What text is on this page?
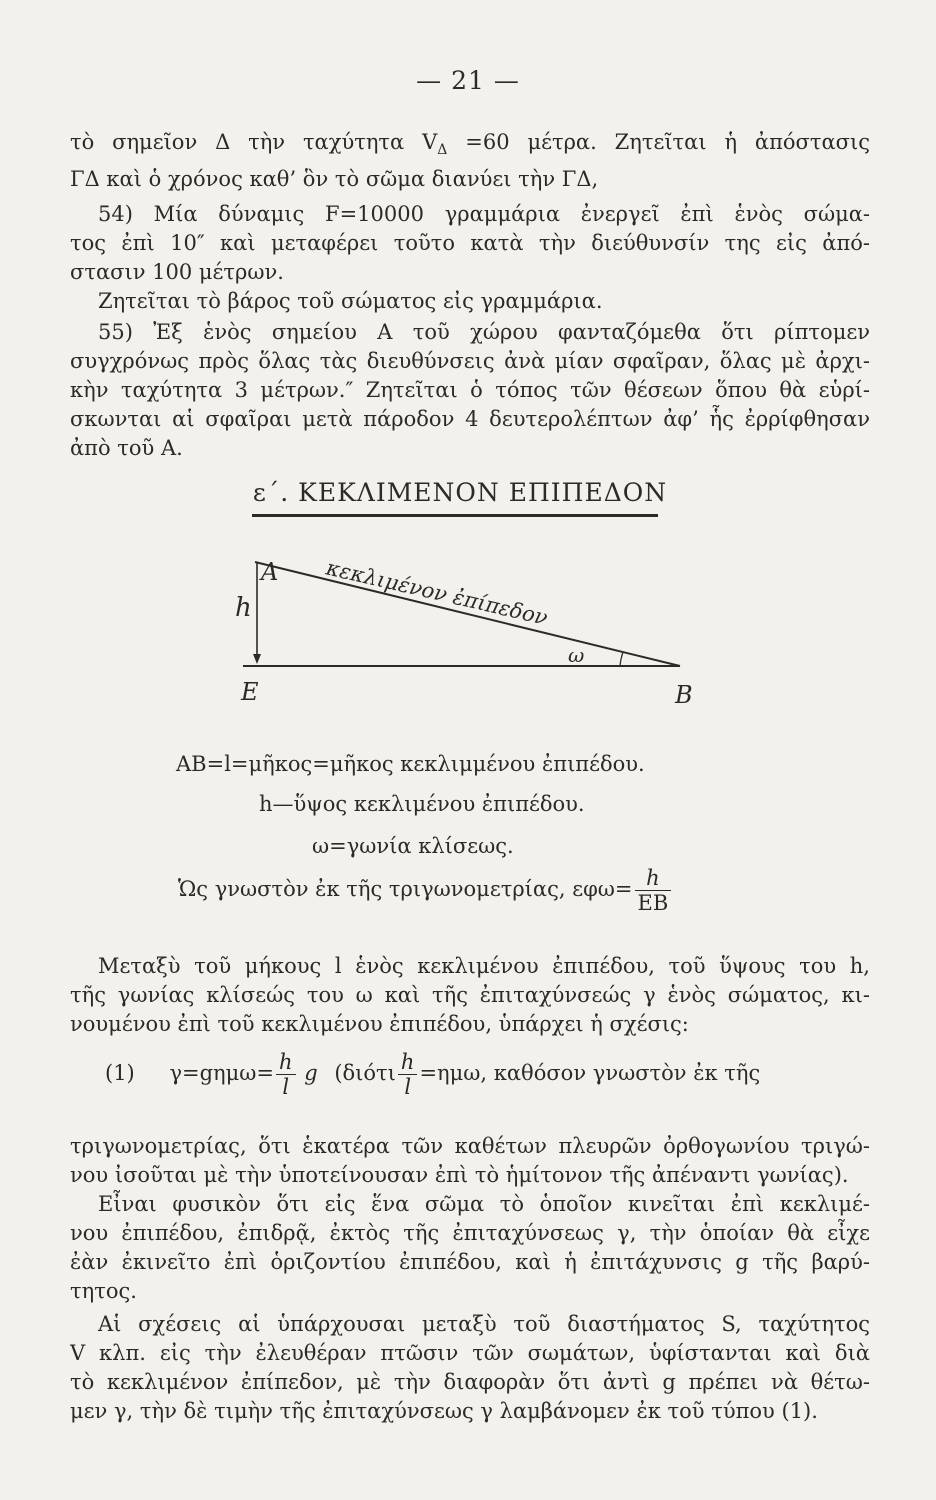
— 21 —
τὸ σημεῖον Δ τὴν ταχύτητα $V_\Delta =60$ μέτρα. Ζητεῖται ἡ ἀπόστασις
ΓΔ καὶ ὁ χρόνος καθ’ ὃν τὸ σῶμα διανύει τὴν ΓΔ,
54) Μία δύναμις F=10000 γραμμάρια ἐνεργεῖ ἐπὶ ἑνὸς σώμα-
τος ἐπὶ 10″ καὶ μεταφέρει τοῦτο κατὰ τὴν διεύθυνσίν της εἰς ἀπό-
στασιν 100 μέτρων.
Ζητεῖται τὸ βάρος τοῦ σώματος εἰς γραμμάρια.
55) Ἐξ ἑνὸς σημείου Α τοῦ χώρου φανταζόμεθα ὅτι ρίπτομεν
συγχρόνως πρὸς ὅλας τὰς διευθύνσεις ἀνὰ μίαν σφαῖραν, ὅλας μὲ ἀρχι-
κὴν ταχύτητα 3 μέτρων.″ Ζητεῖται ὁ τόπος τῶν θέσεων ὅπου θὰ εὑρί-
σκωνται αἱ σφαῖραι μετὰ πάροδον 4 δευτερολέπτων ἀφ’ ἧς ἐρρίφθησαν
ἀπὸ τοῦ Α.
ε΄. ΚΕΚΛΙΜΕΝΟΝ ΕΠΙΠΕΔΟΝ
A
h
E	B
ω
κεκλιμένον ἐπίπεδον
AB=l=μῆκος=μῆκος κεκλιμμένου ἐπιπέδου.
h—ὕψος κεκλιμένου ἐπιπέδου.
ω=γωνία κλίσεως.
Ὡς γνωστὸν ἐκ τῆς τριγωνομετρίας, $\varepsilon\varphi\omega= \frac{h}{EB}$
Μεταξὺ τοῦ μήκους l ἑνὸς κεκλιμένου ἐπιπέδου, τοῦ ὕψους του h,
τῆς γωνίας κλίσεώς του ω καὶ τῆς ἐπιταχύνσεώς γ ἑνὸς σώματος, κι-
νουμένου ἐπὶ τοῦ κεκλιμένου ἐπιπέδου, ὑπάρχει ἡ σχέσις:
(1) $\gamma=g\eta\mu\omega= \frac{h}{l}$ g ($\delta\iota ό\tau\iota \frac{h}{l} =\eta\mu\omega$, καθόσον γνωστὸν ἐκ τῆς
τριγωνομετρίας, ὅτι ἑκατέρα τῶν καθέτων πλευρῶν ὀρθογωνίου τριγώ-
νου ἰσοῦται μὲ τὴν ὑποτείνουσαν ἐπὶ τὸ ἡμίτονον τῆς ἀπέναντι γωνίας).
Εἶναι φυσικὸν ὅτι εἰς ἕνα σῶμα τὸ ὁποῖον κινεῖται ἐπὶ κεκλιμέ-
νου ἐπιπέδου, ἐπιδρᾷ, ἐκτὸς τῆς ἐπιταχύνσεως γ, τὴν ὁποίαν θὰ εἶχε
ἐὰν ἐκινεῖτο ἐπὶ ὁριζοντίου ἐπιπέδου, καὶ ἡ ἐπιτάχυνσις g τῆς βαρύ-
τητος.
Αἱ σχέσεις αἱ ὑπάρχουσαι μεταξὺ τοῦ διαστήματος S, ταχύτητος
V κλπ. εἰς τὴν ἐλευθέραν πτῶσιν τῶν σωμάτων, ὑφίστανται καὶ διὰ
τὸ κεκλιμένον ἐπίπεδον, μὲ τὴν διαφορὰν ὅτι ἀντὶ g πρέπει νὰ θέτω-
μεν γ, τὴν δὲ τιμὴν τῆς ἐπιταχύνσεως γ λαμβάνομεν ἐκ τοῦ τύπου (1).
